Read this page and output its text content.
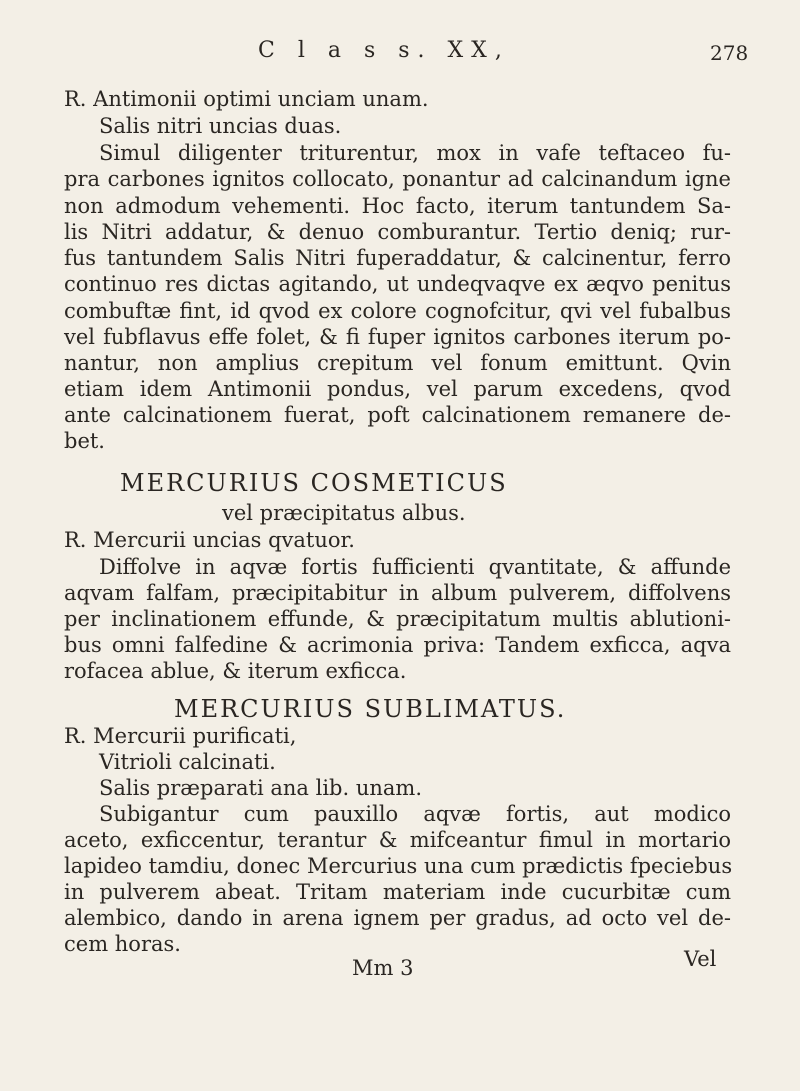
C l a s s. XX,	278
R. Antimonii optimi unciam unam.
Salis nitri uncias duas.
Simul diligenter triturentur, mox in vafe teftaceo fu-
pra carbones ignitos collocato, ponantur ad calcinandum igne
non admodum vehementi. Hoc facto, iterum tantundem Sa-
lis Nitri addatur, & denuo comburantur. Tertio deniq; rur-
fus tantundem Salis Nitri fuperaddatur, & calcinentur, ferro
continuo res dictas agitando, ut undeqvaqve ex æqvo penitus
combuftæ fint, id qvod ex colore cognofcitur, qvi vel fubalbus
vel fubflavus effe folet, & fi fuper ignitos carbones iterum po-
nantur, non amplius crepitum vel fonum emittunt. Qvin
etiam idem Antimonii pondus, vel parum excedens, qvod
ante calcinationem fuerat, poft calcinationem remanere de-
bet.
MERCURIUS COSMETICUS
vel præcipitatus albus.
R. Mercurii uncias qvatuor.
Diffolve in aqvæ fortis fufficienti qvantitate, & affunde
aqvam falfam, præcipitabitur in album pulverem, diffolvens
per inclinationem effunde, & præcipitatum multis ablutioni-
bus omni falfedine & acrimonia priva: Tandem exficca, aqva
rofacea ablue, & iterum exficca.
MERCURIUS SUBLIMATUS.
R. Mercurii purificati,
Vitrioli calcinati.
Salis præparati ana lib. unam.
Subigantur cum pauxillo aqvæ fortis, aut modico
aceto, exficcentur, terantur & mifceantur fimul in mortario
lapideo tamdiu, donec Mercurius una cum prædictis fpeciebus
in pulverem abeat. Tritam materiam inde cucurbitæ cum
alembico, dando in arena ignem per gradus, ad octo vel de-
cem horas.
Mm 3	Vel
